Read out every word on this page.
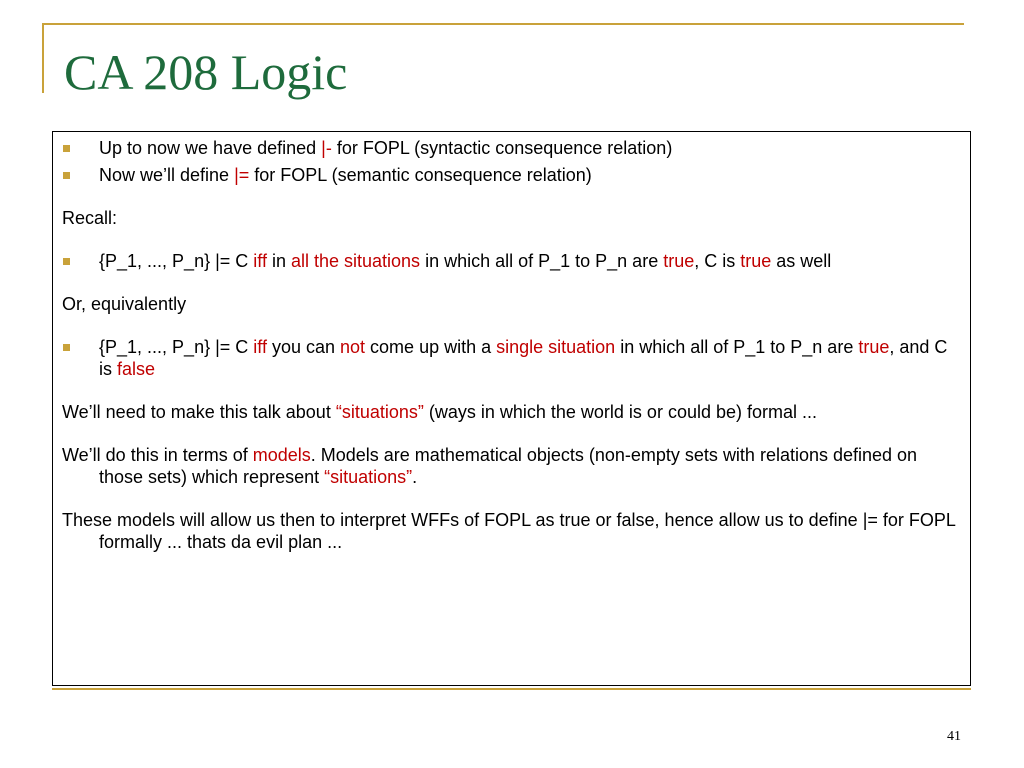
CA 208 Logic
Up to now we have defined |- for FOPL (syntactic consequence relation)
Now we’ll define |= for FOPL (semantic consequence relation)

Recall:

{P_1, ..., P_n} |= C iff in all the situations in which all of P_1 to P_n are true, C is true as well

Or, equivalently

{P_1, ..., P_n} |= C iff you can not come up with a single situation in which all of P_1 to P_n are true, and C is false

We’ll need to make this talk about “situations” (ways in which the world is or could be) formal ...

We’ll do this in terms of models. Models are mathematical objects (non-empty sets with relations defined on those sets) which represent “situations”.

These models will allow us then to interpret WFFs of FOPL as true or false, hence allow us to define |= for FOPL formally ... thats da evil plan ...

41
